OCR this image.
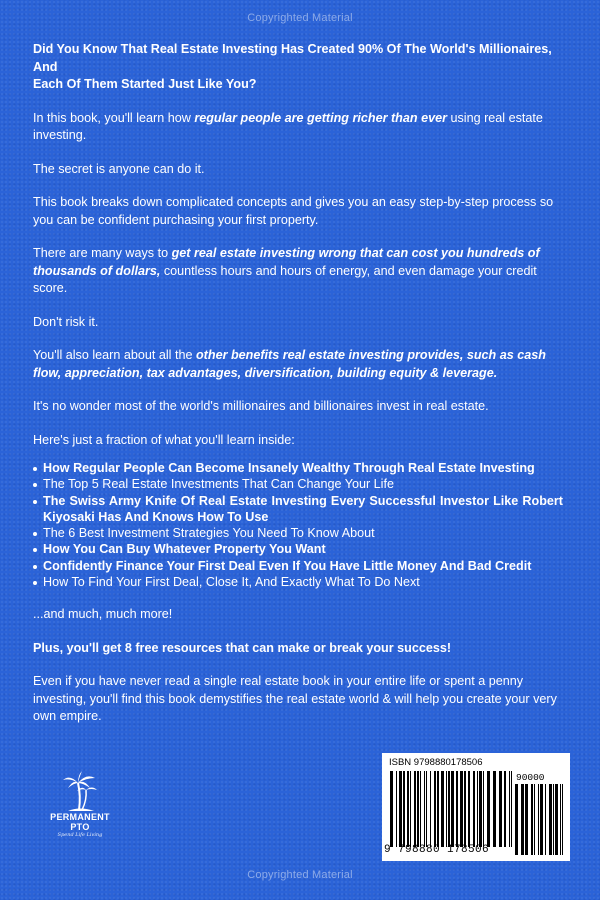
Copyrighted Material

Did You Know That Real Estate Investing Has Created 90% Of The World's Millionaires, And
Each Of Them Started Just Like You?

In this book, you'll learn how regular people are getting richer than ever using real estate investing.

The secret is anyone can do it.

This book breaks down complicated concepts and gives you an easy step-by-step process so you can be confident purchasing your first property.

There are many ways to get real estate investing wrong that can cost you hundreds of thousands of dollars, countless hours and hours of energy, and even damage your credit score.

Don't risk it.

You'll also learn about all the other benefits real estate investing provides, such as cash flow, appreciation, tax advantages, diversification, building equity & leverage.

It's no wonder most of the world's millionaires and billionaires invest in real estate.

Here's just a fraction of what you'll learn inside:

How Regular People Can Become Insanely Wealthy Through Real Estate Investing
The Top 5 Real Estate Investments That Can Change Your Life
The Swiss Army Knife Of Real Estate Investing Every Successful Investor Like Robert Kiyosaki Has And Knows How To Use
The 6 Best Investment Strategies You Need To Know About
How You Can Buy Whatever Property You Want
Confidently Finance Your First Deal Even If You Have Little Money And Bad Credit
How To Find Your First Deal, Close It, And Exactly What To Do Next

...and much, much more!

Plus, you'll get 8 free resources that can make or break your success!

Even if you have never read a single real estate book in your entire life or spent a penny investing, you'll find this book demystifies the real estate world & will help you create your very own empire.

PERMANENT
PTO
Spend Life Living
ISBN 9798880178506
90000
9 798880 178506
Copyrighted Material
